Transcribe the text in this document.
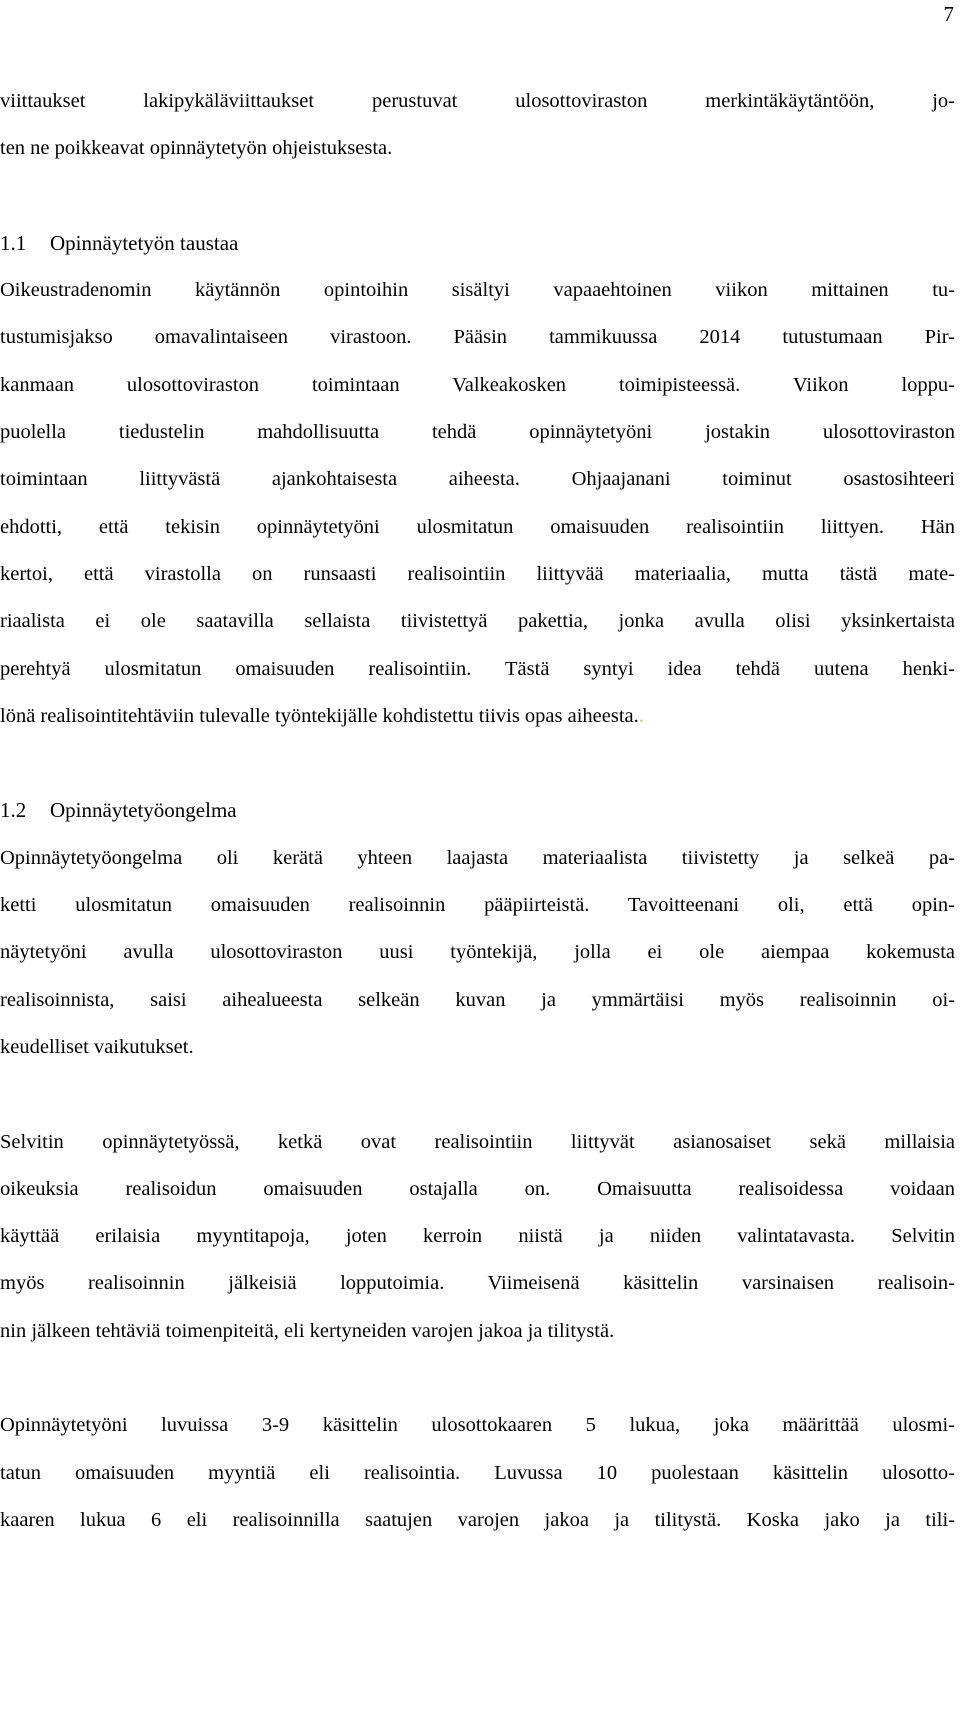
7
viittaukset lakipykäläviittaukset perustuvat ulosottoviraston merkintäkäytäntöön, jo-
ten ne poikkeavat opinnäytetyön ohjeistuksesta.
1.1 Opinnäytetyön taustaa
Oikeustradenomin käytännön opintoihin sisältyi vapaaehtoinen viikon mittainen tu-
tustumisjakso omavalintaiseen virastoon. Pääsin tammikuussa 2014 tutustumaan Pir-
kanmaan ulosottoviraston toimintaan Valkeakosken toimipisteessä. Viikon loppu-
puolella tiedustelin mahdollisuutta tehdä opinnäytetyöni jostakin ulosottoviraston
toimintaan liittyvästä ajankohtaisesta aiheesta. Ohjaajanani toiminut osastosihteeri
ehdotti, että tekisin opinnäytetyöni ulosmitatun omaisuuden realisointiin liittyen. Hän
kertoi, että virastolla on runsaasti realisointiin liittyvää materiaalia, mutta tästä mate-
riaalista ei ole saatavilla sellaista tiivistettyä pakettia, jonka avulla olisi yksinkertaista
perehtyä ulosmitatun omaisuuden realisointiin. Tästä syntyi idea tehdä uutena henki-
lönä realisointitehtäviin tulevalle työntekijälle kohdistettu tiivis opas aiheesta..
1.2 Opinnäytetyöongelma
Opinnäytetyöongelma oli kerätä yhteen laajasta materiaalista tiivistetty ja selkeä pa-
ketti ulosmitatun omaisuuden realisoinnin pääpiirteistä. Tavoitteenani oli, että opin-
näytetyöni avulla ulosottoviraston uusi työntekijä, jolla ei ole aiempaa kokemusta
realisoinnista, saisi aihealueesta selkeän kuvan ja ymmärtäisi myös realisoinnin oi-
keudelliset vaikutukset.
Selvitin opinnäytetyössä, ketkä ovat realisointiin liittyvät asianosaiset sekä millaisia
oikeuksia realisoidun omaisuuden ostajalla on. Omaisuutta realisoidessa voidaan
käyttää erilaisia myyntitapoja, joten kerroin niistä ja niiden valintatavasta. Selvitin
myös realisoinnin jälkeisiä lopputoimia. Viimeisenä käsittelin varsinaisen realisoin-
nin jälkeen tehtäviä toimenpiteitä, eli kertyneiden varojen jakoa ja tilitystä.
Opinnäytetyöni luvuissa 3-9 käsittelin ulosottokaaren 5 lukua, joka määrittää ulosmi-
tatun omaisuuden myyntiä eli realisointia. Luvussa 10 puolestaan käsittelin ulosotto-
kaaren lukua 6 eli realisoinnilla saatujen varojen jakoa ja tilitystä. Koska jako ja tili-
